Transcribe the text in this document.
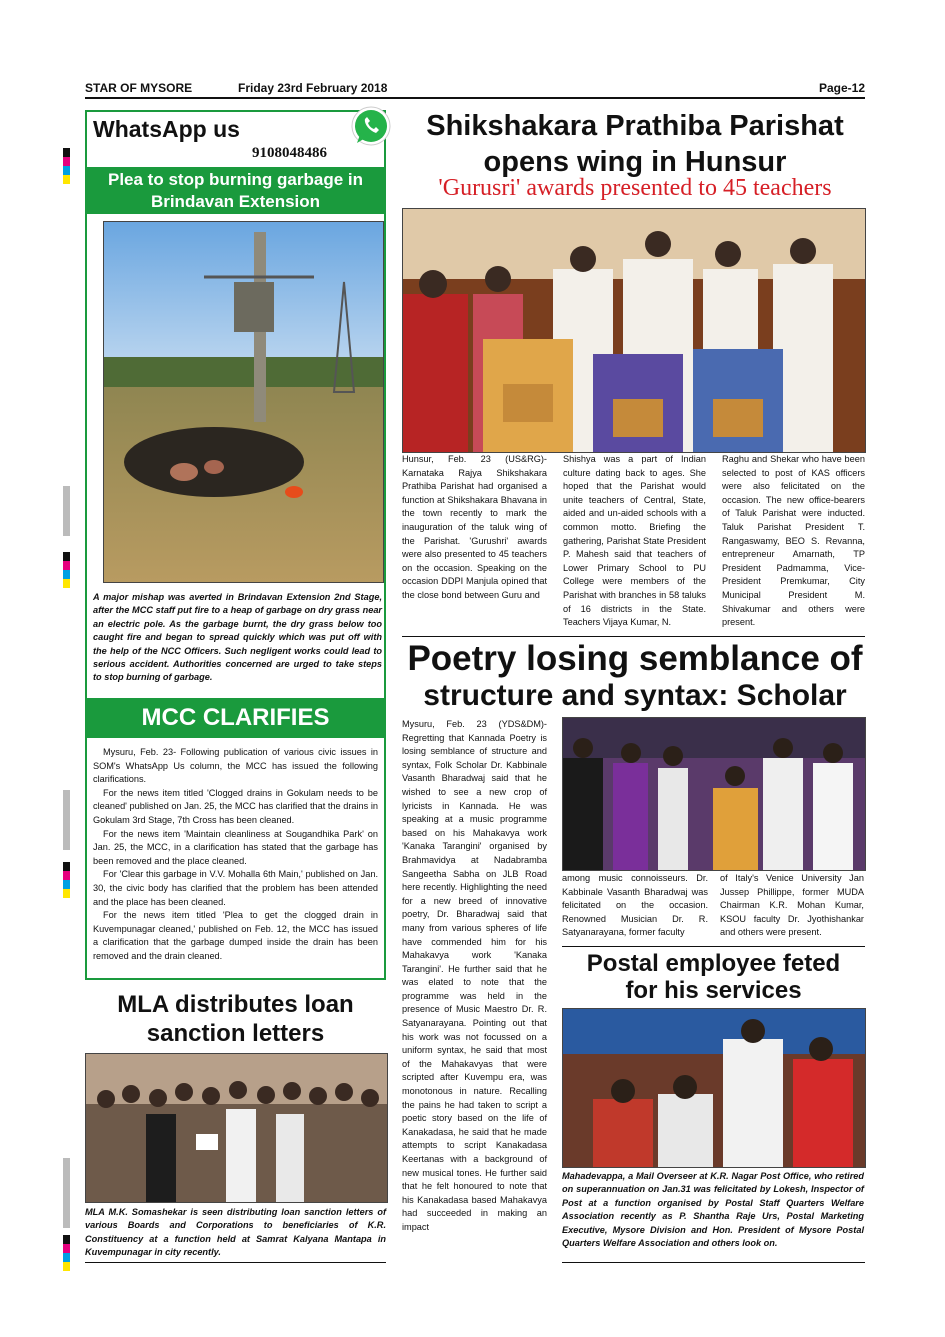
STAR OF MYSORE	Friday 23rd February 2018	Page-12
WhatsApp us
9108048486
Plea to stop burning garbage in Brindavan Extension
A major mishap was averted in Brindavan Extension 2nd Stage, after the MCC staff put fire to a heap of garbage on dry grass near an electric pole. As the garbage burnt, the dry grass below too caught fire and began to spread quickly which was put off with the help of the NCC Officers. Such negligent works could lead to serious accident. Authorities concerned are urged to take steps to stop burning of garbage.
MCC CLARIFIES

Mysuru, Feb. 23- Following publication of various civic issues in SOM's WhatsApp Us column, the MCC has issued the following clarifications.

For the news item titled 'Clogged drains in Gokulam needs to be cleaned' published on Jan. 25, the MCC has clarified that the drains in Gokulam 3rd Stage, 7th Cross has been cleaned.

For the news item 'Maintain cleanliness at Sougandhika Park' on Jan. 25, the MCC, in a clarification has stated that the garbage has been removed and the place cleaned.

For 'Clear this garbage in V.V. Mohalla 6th Main,' published on Jan. 30, the civic body has clarified that the problem has been attended and the place has been cleaned.

For the news item titled 'Plea to get the clogged drain in Kuvempunagar cleaned,' published on Feb. 12, the MCC has issued a clarification that the garbage dumped inside the drain has been removed and the drain cleaned.

MLA distributes loan
sanction letters
MLA M.K. Somashekar is seen distributing loan sanction letters of various Boards and Corporations to beneficiaries of K.R. Constituency at a function held at Samrat Kalyana Mantapa in Kuvempunagar in city recently.
Shikshakara Prathiba Parishat
opens wing in Hunsur
'Gurusri' awards presented to 45 teachers
Hunsur, Feb. 23 (US&RG)- Karnataka Rajya Shikshakara Prathiba Parishat had organised a function at Shikshakara Bhavana in the town recently to mark the inauguration of the taluk wing of the Parishat. 'Gurushri' awards were also presented to 45 teachers on the occasion. Speaking on the occasion DDPI Manjula opined that the close bond between Guru and
Shishya was a part of Indian culture dating back to ages. She hoped that the Parishat would unite teachers of Central, State, aided and un-aided schools with a common motto. Briefing the gathering, Parishat State President P. Mahesh said that teachers of Lower Primary School to PU College were members of the Parishat with branches in 58 taluks of 16 districts in the State. Teachers Vijaya Kumar, N.
Raghu and Shekar who have been selected to post of KAS officers were also felicitated on the occasion. The new office-bearers of Taluk Parishat were inducted. Taluk Parishat President T. Rangaswamy, BEO S. Revanna, entrepreneur Amarnath, TP President Padmamma, Vice-President Premkumar, City Municipal President M. Shivakumar and others were present.
Poetry losing semblance of
structure and syntax: Scholar
Mysuru, Feb. 23 (YDS&DM)- Regretting that Kannada Poetry is losing semblance of structure and syntax, Folk Scholar Dr. Kabbinale Vasanth Bharadwaj said that he wished to see a new crop of lyricists in Kannada. He was speaking at a music programme based on his Mahakavya work 'Kanaka Tarangini' organised by Brahmavidya at Nadabramba Sangeetha Sabha on JLB Road here recently. Highlighting the need for a new breed of innovative poetry, Dr. Bharadwaj said that many from various spheres of life have commended him for his Mahakavya work 'Kanaka Tarangini'. He further said that he was elated to note that the programme was held in the presence of Music Maestro Dr. R. Satyanarayana. Pointing out that his work was not focussed on a uniform syntax, he said that most of the Mahakavyas that were scripted after Kuvempu era, was monotonous in nature. Recalling the pains he had taken to script a poetic story based on the life of Kanakadasa, he said that he made attempts to script Kanakadasa Keertanas with a background of new musical tones. He further said that he felt honoured to note that his Kanakadasa based Mahakavya had succeeded in making an impact
among music connoisseurs. Dr. Kabbinale Vasanth Bharadwaj was felicitated on the occasion. Renowned Musician Dr. R. Satyanarayana, former faculty
of Italy's Venice University Jan Jussep Phillippe, former MUDA Chairman K.R. Mohan Kumar, KSOU faculty Dr. Jyothishankar and others were present.
Postal employee feted
for his services
Mahadevappa, a Mail Overseer at K.R. Nagar Post Office, who retired on superannuation on Jan.31 was felicitated by Lokesh, Inspector of Post at a function organised by Postal Staff Quarters Welfare Association recently as P. Shantha Raje Urs, Postal Marketing Executive, Mysore Division and Hon. President of Mysore Postal Quarters Welfare Association and others look on.
